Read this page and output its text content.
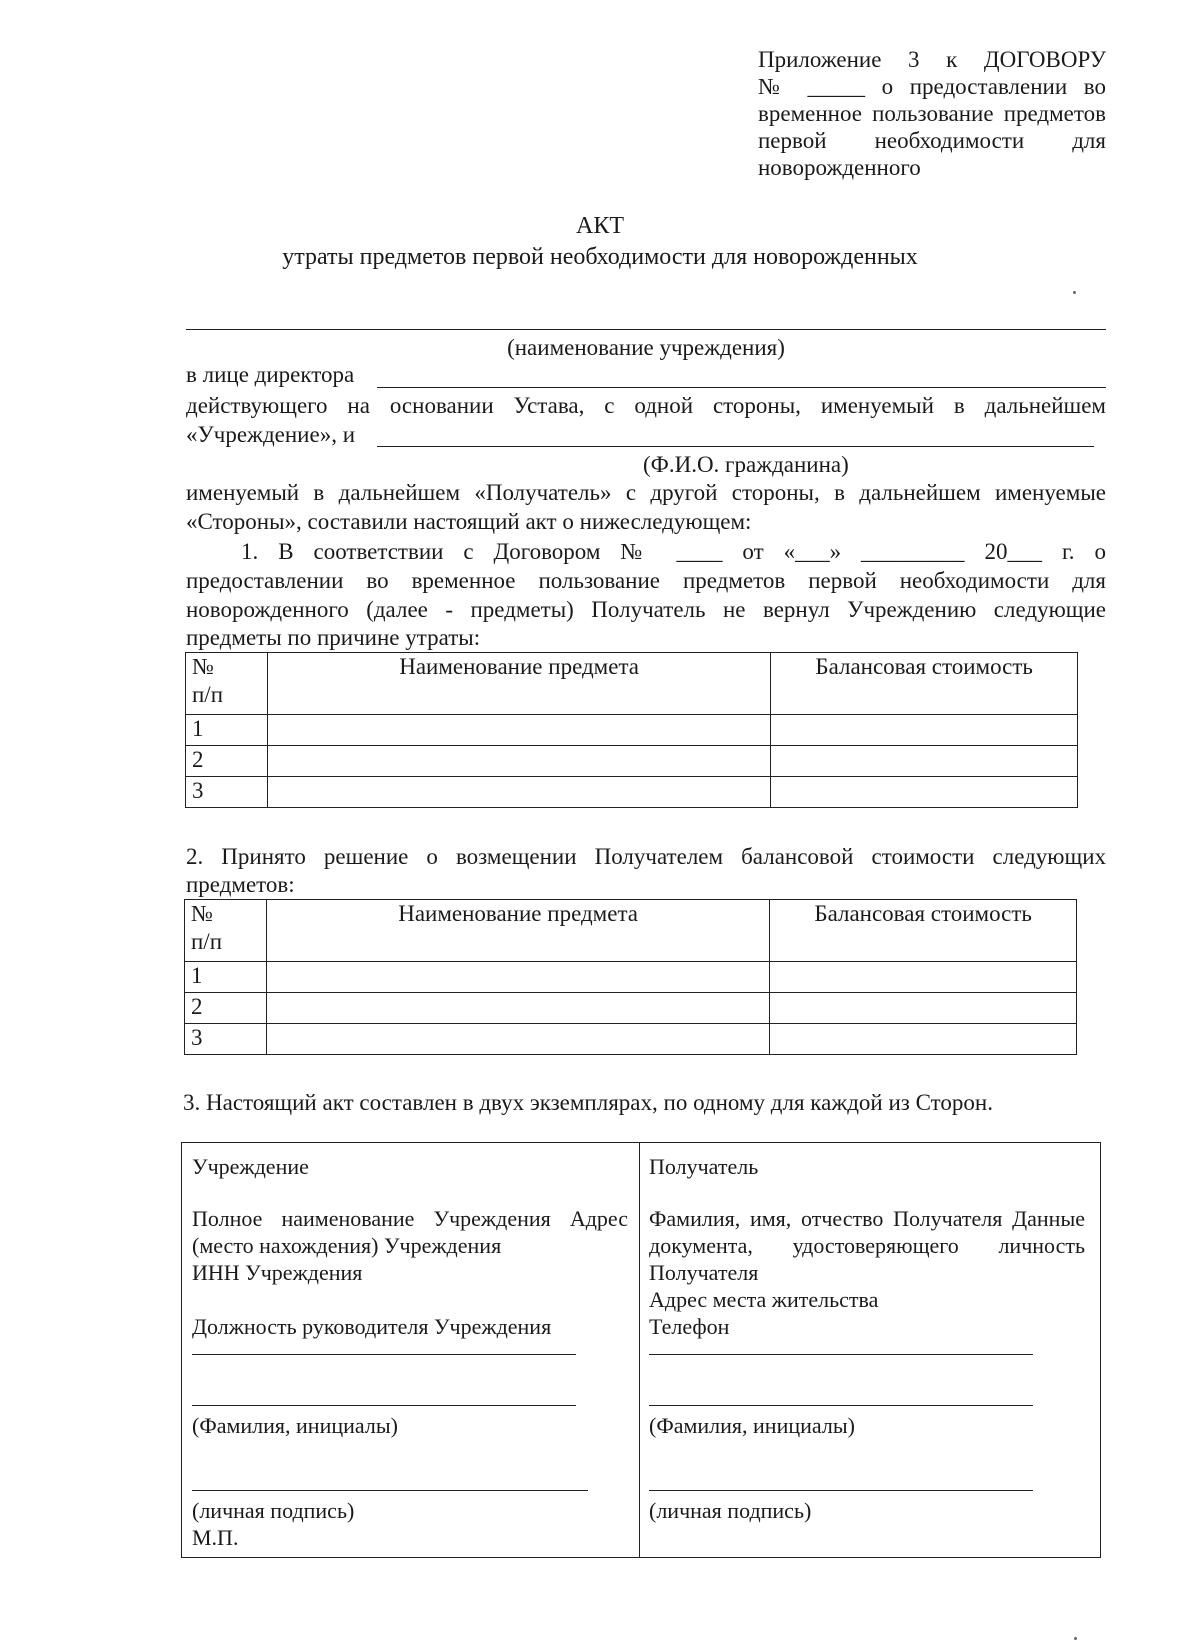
Приложение 3 к ДОГОВОРУ
№ _____ о предоставлении во
временное пользование предметов
первой необходимости для
новорожденного
АКТ
утраты предметов первой необходимости для новорожденных
(наименование учреждения)
в лице директора
действующего на основании Устава, с одной стороны, именуемый в дальнейшем
«Учреждение», и
(Ф.И.О. гражданина)
именуемый в дальнейшем «Получатель» с другой стороны, в дальнейшем именуемые
«Стороны», составили настоящий акт о нижеследующем:
1. В соответствии с Договором № ____ от «___» _________ 20___ г. о
предоставлении во временное пользование предметов первой необходимости для
новорожденного (далее - предметы) Получатель не вернул Учреждению следующие
предметы по причине утраты:
№
п/п	Наименование предмета	Балансовая стоимость
1		
2		
3		
2. Принято решение о возмещении Получателем балансовой стоимости следующих
предметов:
№
п/п	Наименование предмета	Балансовая стоимость
1		
2		
3		
3. Настоящий акт составлен в двух экземплярах, по одному для каждой из Сторон.
Учреждение
Полное наименование Учреждения Адрес
(место нахождения) Учреждения
ИНН Учреждения
Должность руководителя Учреждения
(Фамилия, инициалы)
(личная подпись)
М.П.
Получатель
Фамилия, имя, отчество Получателя Данные
документа, удостоверяющего личность
Получателя
Адрес места жительства
Телефон
(Фамилия, инициалы)
(личная подпись)
